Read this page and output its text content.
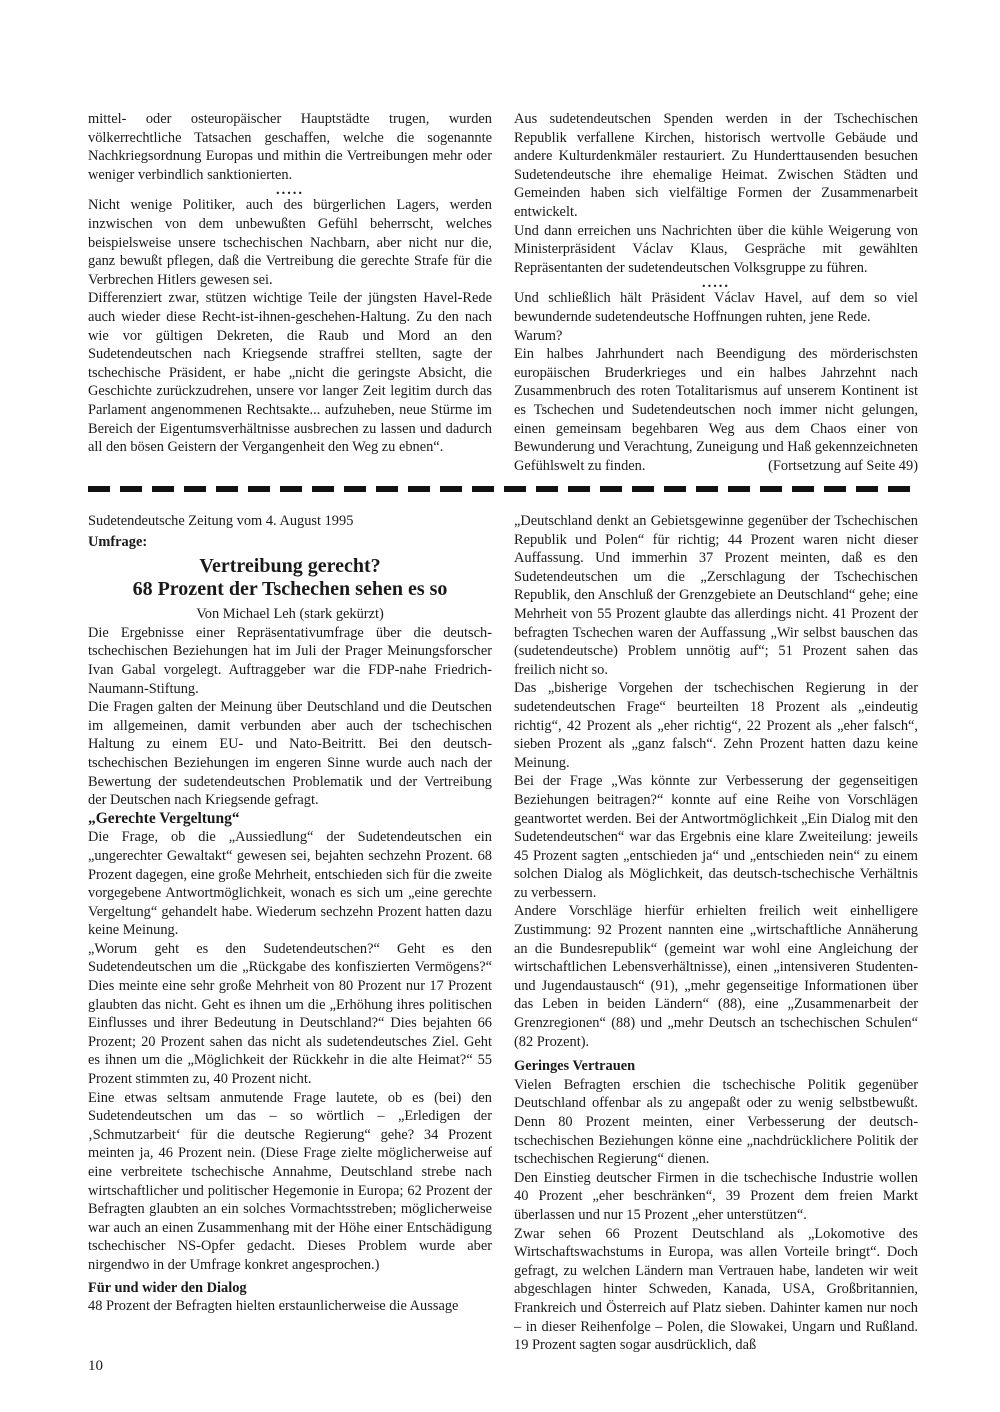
mittel- oder osteuropäischer Hauptstädte trugen, wurden völkerrechtliche Tatsachen geschaffen, welche die sogenannte Nachkriegsordnung Europas und mithin die Vertreibungen mehr oder weniger verbindlich sanktionierten.

.....

Nicht wenige Politiker, auch des bürgerlichen Lagers, werden inzwischen von dem unbewußten Gefühl beherrscht, welches beispielsweise unsere tschechischen Nachbarn, aber nicht nur die, ganz bewußt pflegen, daß die Vertreibung die gerechte Strafe für die Verbrechen Hitlers gewesen sei.

Differenziert zwar, stützen wichtige Teile der jüngsten Havel-Rede auch wieder diese Recht-ist-ihnen-geschehen-Haltung. Zu den nach wie vor gültigen Dekreten, die Raub und Mord an den Sudetendeutschen nach Kriegsende straffrei stellten, sagte der tschechische Präsident, er habe „nicht die geringste Absicht, die Geschichte zurückzudrehen, unsere vor langer Zeit legitim durch das Parlament angenommenen Rechtsakte... aufzuheben, neue Stürme im Bereich der Eigentumsverhältnisse ausbrechen zu lassen und dadurch all den bösen Geistern der Vergangenheit den Weg zu ebnen“.

Aus sudetendeutschen Spenden werden in der Tschechischen Republik verfallene Kirchen, historisch wertvolle Gebäude und andere Kulturdenkmäler restauriert. Zu Hunderttausenden besuchen Sudetendeutsche ihre ehemalige Heimat. Zwischen Städten und Gemeinden haben sich vielfältige Formen der Zusammenarbeit entwickelt.

Und dann erreichen uns Nachrichten über die kühle Weigerung von Ministerpräsident Václav Klaus, Gespräche mit gewählten Repräsentanten der sudetendeutschen Volksgruppe zu führen.

.....

Und schließlich hält Präsident Václav Havel, auf dem so viel bewundernde sudetendeutsche Hoffnungen ruhten, jene Rede.

Warum?

Ein halbes Jahrhundert nach Beendigung des mörderischsten europäischen Bruderkrieges und ein halbes Jahrzehnt nach Zusammenbruch des roten Totalitarismus auf unserem Kontinent ist es Tschechen und Sudetendeutschen noch immer nicht gelungen, einen gemeinsam begehbaren Weg aus dem Chaos einer von Bewunderung und Verachtung, Zuneigung und Haß gekennzeichneten Gefühlswelt zu finden.	(Fortsetzung auf Seite 49)

Sudetendeutsche Zeitung vom 4. August 1995

Umfrage:

Vertreibung gerecht?
68 Prozent der Tschechen sehen es so

Von Michael Leh (stark gekürzt)

Die Ergebnisse einer Repräsentativumfrage über die deutsch-tschechischen Beziehungen hat im Juli der Prager Meinungsforscher Ivan Gabal vorgelegt. Auftraggeber war die FDP-nahe Friedrich-Naumann-Stiftung.

Die Fragen galten der Meinung über Deutschland und die Deutschen im allgemeinen, damit verbunden aber auch der tschechischen Haltung zu einem EU- und Nato-Beitritt. Bei den deutsch-tschechischen Beziehungen im engeren Sinne wurde auch nach der Bewertung der sudetendeutschen Problematik und der Vertreibung der Deutschen nach Kriegsende gefragt.

„Gerechte Vergeltung“

Die Frage, ob die „Aussiedlung“ der Sudetendeutschen ein „ungerechter Gewaltakt“ gewesen sei, bejahten sechzehn Prozent. 68 Prozent dagegen, eine große Mehrheit, entschieden sich für die zweite vorgegebene Antwortmöglichkeit, wonach es sich um „eine gerechte Vergeltung“ gehandelt habe. Wiederum sechzehn Prozent hatten dazu keine Meinung.

„Worum geht es den Sudetendeutschen?“ Geht es den Sudetendeutschen um die „Rückgabe des konfiszierten Vermögens?“ Dies meinte eine sehr große Mehrheit von 80 Prozent nur 17 Prozent glaubten das nicht. Geht es ihnen um die „Erhöhung ihres politischen Einflusses und ihrer Bedeutung in Deutschland?“ Dies bejahten 66 Prozent; 20 Prozent sahen das nicht als sudetendeutsches Ziel. Geht es ihnen um die „Möglichkeit der Rückkehr in die alte Heimat?“ 55 Prozent stimmten zu, 40 Prozent nicht.

Eine etwas seltsam anmutende Frage lautete, ob es (bei) den Sudetendeutschen um das – so wörtlich – „Erledigen der ‚Schmutzarbeit‘ für die deutsche Regierung“ gehe? 34 Prozent meinten ja, 46 Prozent nein. (Diese Frage zielte möglicherweise auf eine verbreitete tschechische Annahme, Deutschland strebe nach wirtschaftlicher und politischer Hegemonie in Europa; 62 Prozent der Befragten glaubten an ein solches Vormachtsstreben; möglicherweise war auch an einen Zusammenhang mit der Höhe einer Entschädigung tschechischer NS-Opfer gedacht. Dieses Problem wurde aber nirgendwo in der Umfrage konkret angesprochen.)

Für und wider den Dialog

48 Prozent der Befragten hielten erstaunlicherweise die Aussage

„Deutschland denkt an Gebietsgewinne gegenüber der Tschechischen Republik und Polen“ für richtig; 44 Prozent waren nicht dieser Auffassung. Und immerhin 37 Prozent meinten, daß es den Sudetendeutschen um die „Zerschlagung der Tschechischen Republik, den Anschluß der Grenzgebiete an Deutschland“ gehe; eine Mehrheit von 55 Prozent glaubte das allerdings nicht. 41 Prozent der befragten Tschechen waren der Auffassung „Wir selbst bauschen das (sudetendeutsche) Problem unnötig auf“; 51 Prozent sahen das freilich nicht so.

Das „bisherige Vorgehen der tschechischen Regierung in der sudetendeutschen Frage“ beurteilten 18 Prozent als „eindeutig richtig“, 42 Prozent als „eher richtig“, 22 Prozent als „eher falsch“, sieben Prozent als „ganz falsch“. Zehn Prozent hatten dazu keine Meinung.

Bei der Frage „Was könnte zur Verbesserung der gegenseitigen Beziehungen beitragen?“ konnte auf eine Reihe von Vorschlägen geantwortet werden. Bei der Antwortmöglichkeit „Ein Dialog mit den Sudetendeutschen“ war das Ergebnis eine klare Zweiteilung: jeweils 45 Prozent sagten „entschieden ja“ und „entschieden nein“ zu einem solchen Dialog als Möglichkeit, das deutsch-tschechische Verhältnis zu verbessern.

Andere Vorschläge hierfür erhielten freilich weit einhelligere Zustimmung: 92 Prozent nannten eine „wirtschaftliche Annäherung an die Bundesrepublik“ (gemeint war wohl eine Angleichung der wirtschaftlichen Lebensverhältnisse), einen „intensiveren Studenten- und Jugendaustausch“ (91), „mehr gegenseitige Informationen über das Leben in beiden Ländern“ (88), eine „Zusammenarbeit der Grenzregionen“ (88) und „mehr Deutsch an tschechischen Schulen“ (82 Prozent).

Geringes Vertrauen

Vielen Befragten erschien die tschechische Politik gegenüber Deutschland offenbar als zu angepaßt oder zu wenig selbstbewußt. Denn 80 Prozent meinten, einer Verbesserung der deutsch-tschechischen Beziehungen könne eine „nachdrücklichere Politik der tschechischen Regierung“ dienen.

Den Einstieg deutscher Firmen in die tschechische Industrie wollen 40 Prozent „eher beschränken“, 39 Prozent dem freien Markt überlassen und nur 15 Prozent „eher unterstützen“.

Zwar sehen 66 Prozent Deutschland als „Lokomotive des Wirtschaftswachstums in Europa, was allen Vorteile bringt“. Doch gefragt, zu welchen Ländern man Vertrauen habe, landeten wir weit abgeschlagen hinter Schweden, Kanada, USA, Großbritannien, Frankreich und Österreich auf Platz sieben. Dahinter kamen nur noch – in dieser Reihenfolge – Polen, die Slowakei, Ungarn und Rußland. 19 Prozent sagten sogar ausdrücklich, daß

10
